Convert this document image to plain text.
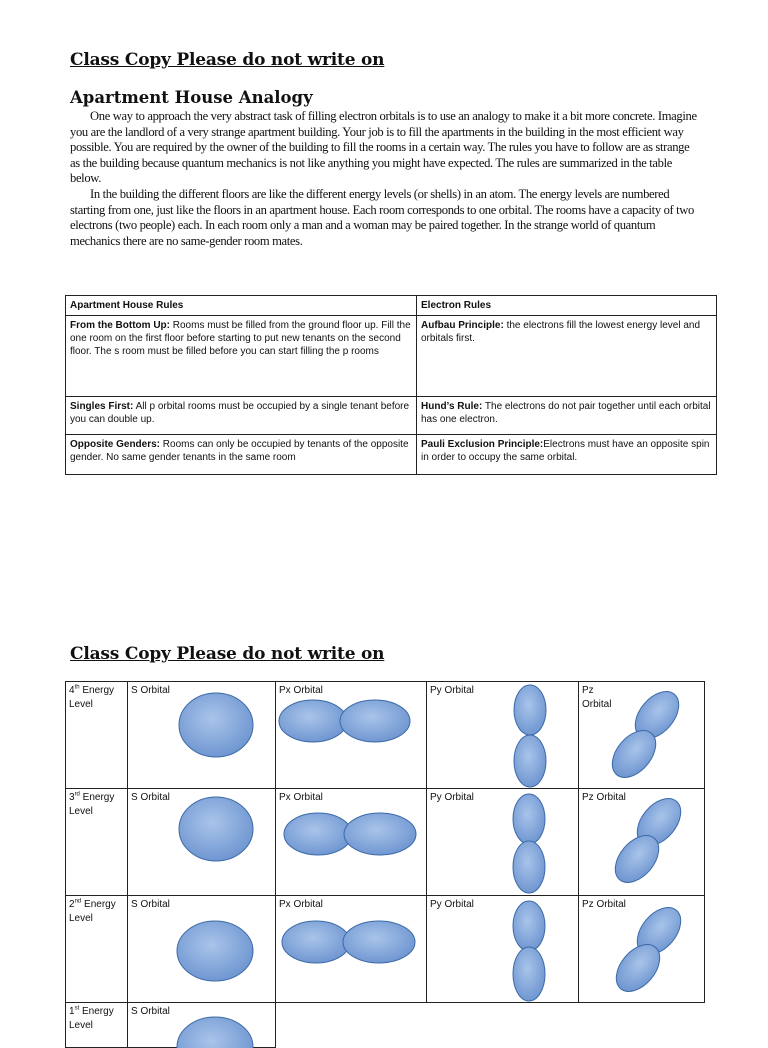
Class Copy Please do not write on
Apartment House Analogy

One way to approach the very abstract task of filling electron orbitals is to use an analogy to make it a bit more concrete. Imagine you are the landlord of a very strange apartment building. Your job is to fill the apartments in the building in the most efficient way possible. You are required by the owner of the building to fill the rooms in a certain way. The rules you have to follow are as strange as the building because quantum mechanics is not like anything you might have expected. The rules are summarized in the table below.

In the building the different floors are like the different energy levels (or shells) in an atom. The energy levels are numbered starting from one, just like the floors in an apartment house. Each room corresponds to one orbital. The rooms have a capacity of two electrons (two people) each. In each room only a man and a woman may be paired together. In the strange world of quantum mechanics there are no same-gender room mates.

Apartment House Rules	Electron Rules
From the Bottom Up: Rooms must be filled from the ground floor up. Fill the one room on the first floor before starting to put new tenants on the second floor. The s room must be filled before you can start filling the p rooms	Aufbau Principle: the electrons fill the lowest energy level and orbitals first.
Singles First: All p orbital rooms must be occupied by a single tenant before you can double up.	Hund’s Rule: The electrons do not pair together until each orbital has one electron.
Opposite Genders: Rooms can only be occupied by tenants of the opposite gender. No same gender tenants in the same room	Pauli Exclusion Principle:Electrons must have an opposite spin in order to occupy the same orbital.
Class Copy Please do not write on
4th Energy Level	S Orbital	Px Orbital	Py Orbital	Pz Orbital

3rd Energy Level	S Orbital	Px Orbital	Py Orbital	Pz Orbital

2nd Energy Level	S Orbital	Px Orbital	Py Orbital	Pz Orbital

1st Energy Level	S Orbital		
